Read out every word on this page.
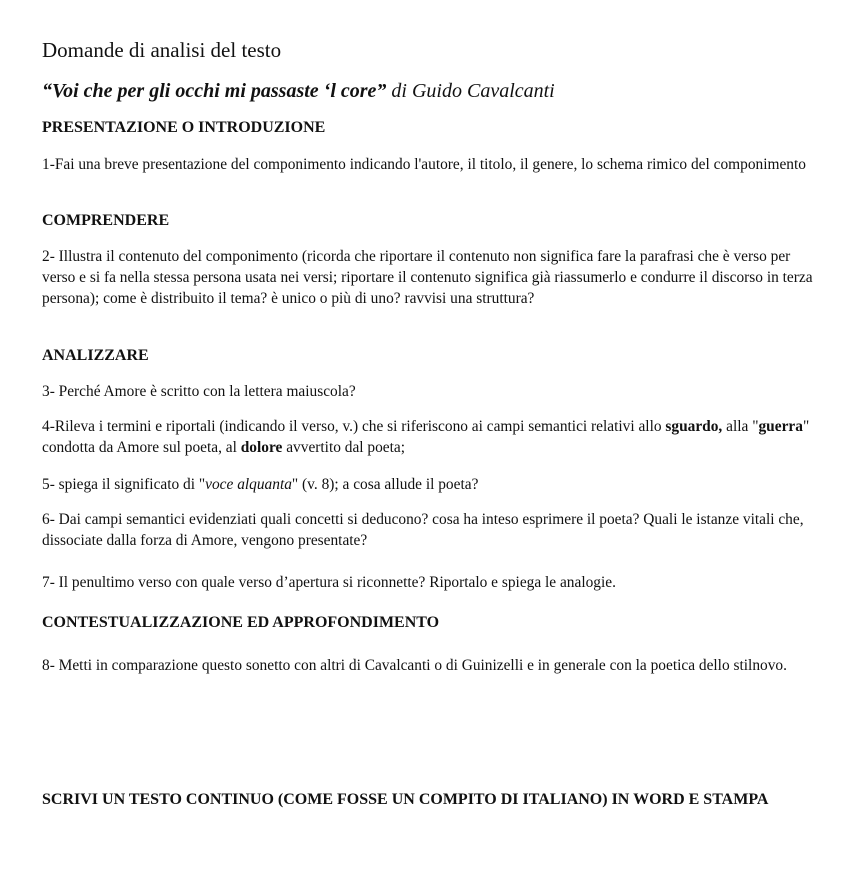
Domande di analisi del testo

“Voi che per gli occhi mi passaste ‘l core” di Guido Cavalcanti

PRESENTAZIONE O INTRODUZIONE

1-Fai una breve presentazione del componimento indicando l'autore, il titolo, il genere, lo schema rimico del componimento

COMPRENDERE

2- Illustra il contenuto del componimento (ricorda che riportare il contenuto non significa fare la parafrasi che è verso per verso e si fa nella stessa persona usata nei versi; riportare il contenuto significa già riassumerlo e condurre il discorso in terza persona); come è distribuito il tema? è unico o più di uno? ravvisi una struttura?

ANALIZZARE

3- Perché Amore è scritto con la lettera maiuscola?

4-Rileva i termini e riportali (indicando il verso, v.) che si riferiscono ai campi semantici relativi allo sguardo, alla "guerra" condotta da Amore sul poeta, al dolore avvertito dal poeta;

5- spiega il significato di "voce alquanta" (v. 8); a cosa allude il poeta?

6- Dai campi semantici evidenziati quali concetti si deducono? cosa ha inteso esprimere il poeta? Quali le istanze vitali che, dissociate dalla forza di Amore, vengono presentate?

7- Il penultimo verso con quale verso d’apertura si riconnette? Riportalo e spiega le analogie.

CONTESTUALIZZAZIONE ED APPROFONDIMENTO

8- Metti in comparazione questo sonetto con altri di Cavalcanti o di Guinizelli e in generale con la poetica dello stilnovo.

SCRIVI UN TESTO CONTINUO (COME FOSSE UN COMPITO DI ITALIANO) IN WORD E STAMPA
